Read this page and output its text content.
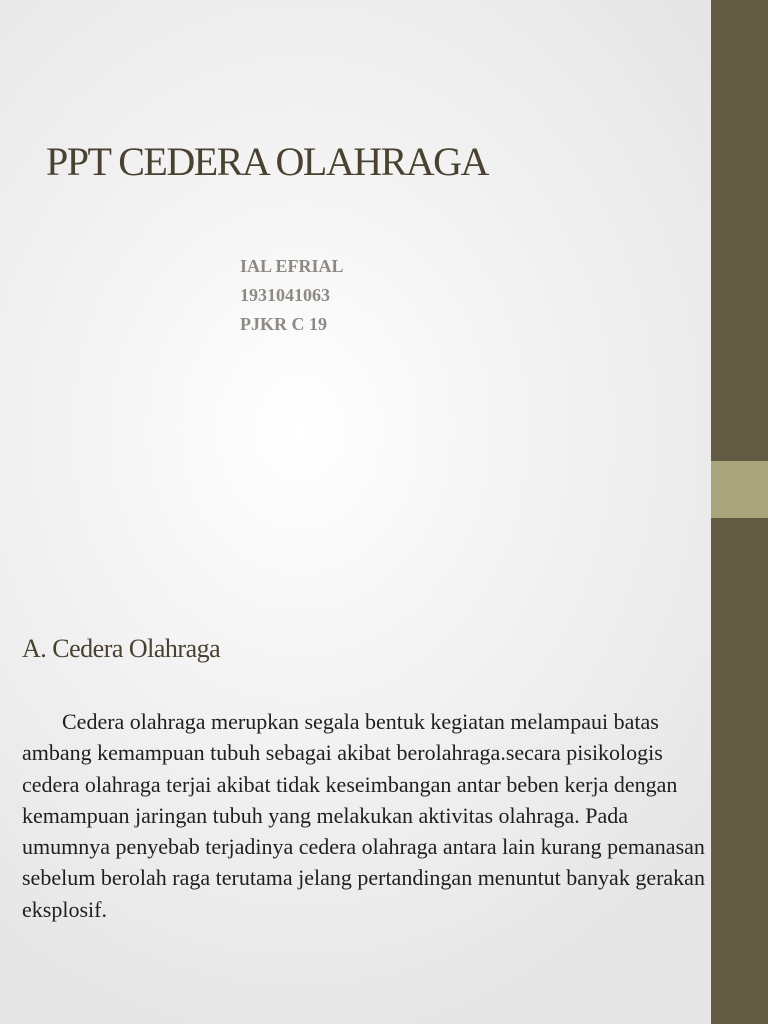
PPT CEDERA OLAHRAGA
IAL EFRIAL
1931041063
PJKR C 19
A. Cedera Olahraga

Cedera olahraga merupkan segala bentuk kegiatan melampaui batas ambang kemampuan tubuh sebagai akibat berolahraga.secara pisikologis cedera olahraga terjai akibat tidak keseimbangan antar beben kerja dengan kemampuan jaringan tubuh yang melakukan aktivitas olahraga. Pada umumnya penyebab terjadinya cedera olahraga antara lain kurang pemanasan sebelum berolah raga terutama jelang pertandingan menuntut banyak gerakan eksplosif.
